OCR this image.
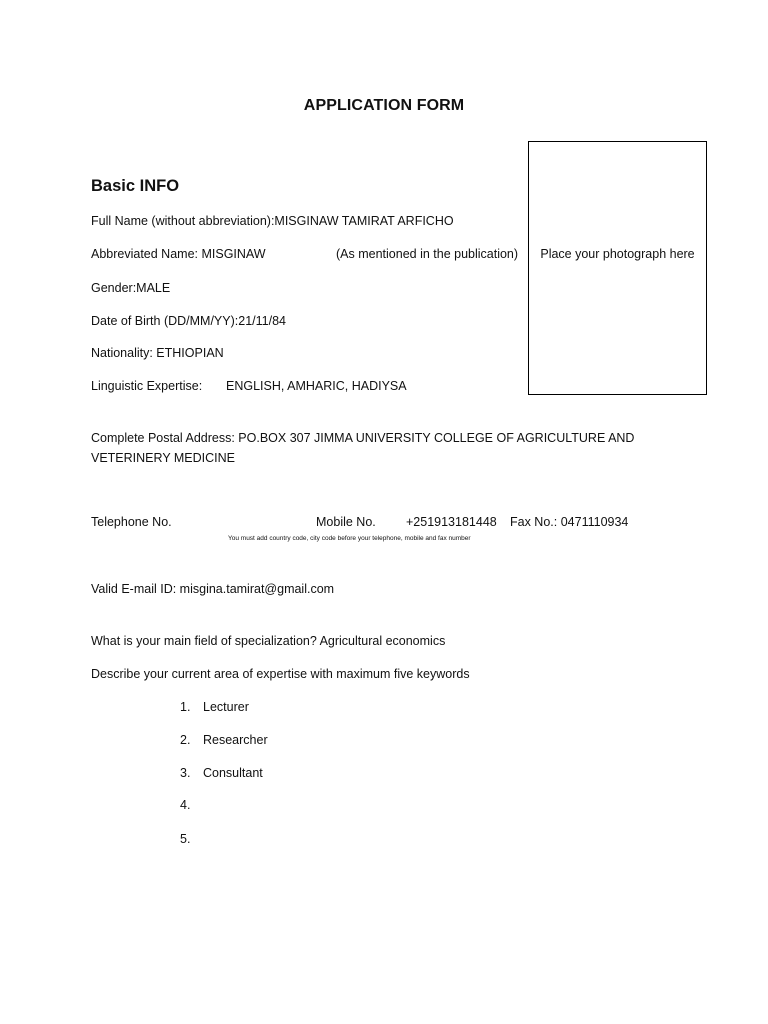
APPLICATION FORM
Basic INFO
Place your photograph here
Full Name (without abbreviation):MISGINAW TAMIRAT ARFICHO
Abbreviated Name: MISGINAW	(As mentioned in the publication)
Gender:MALE
Date of Birth (DD/MM/YY):21/11/84
Nationality: ETHIOPIAN
Linguistic Expertise: ENGLISH, AMHARIC, HADIYSA
Complete Postal Address: PO.BOX 307 JIMMA UNIVERSITY COLLEGE OF AGRICULTURE AND VETERINERY MEDICINE
Telephone No.	Mobile No. +251913181448 Fax No.: 0471110934
You must add country code, city code before your telephone, mobile and fax number
Valid E-mail ID: misgina.tamirat@gmail.com
What is your main field of specialization? Agricultural economics
Describe your current area of expertise with maximum five keywords
1. Lecturer
2. Researcher
3. Consultant
4.
5.
